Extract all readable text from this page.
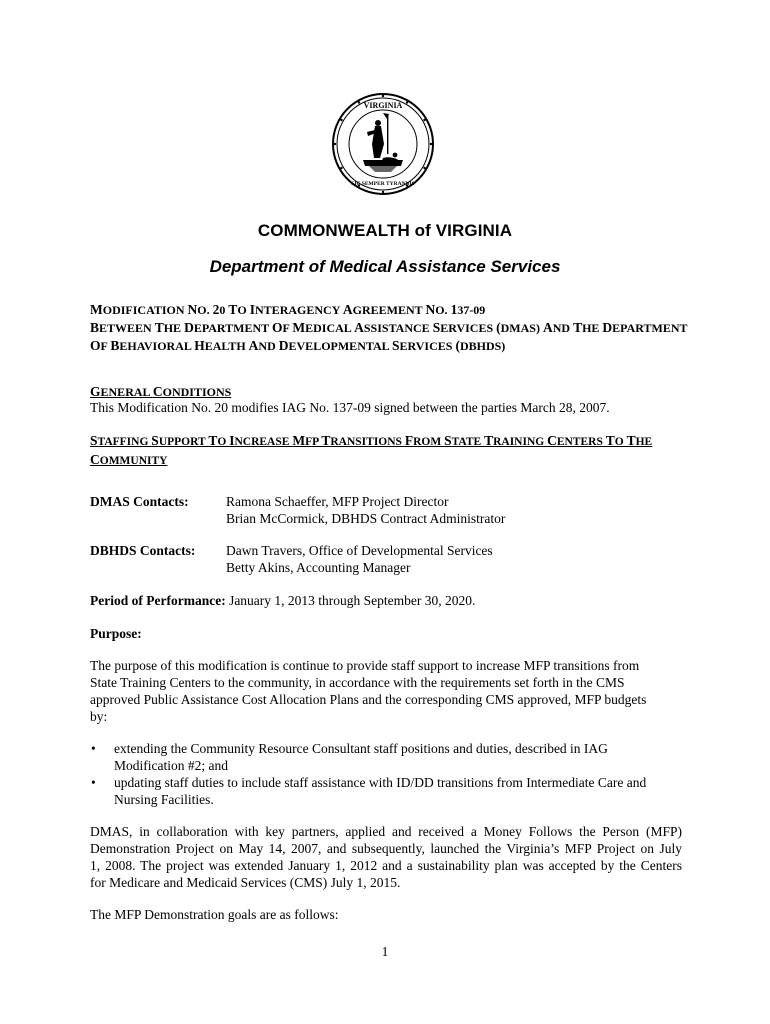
VIRGINIA
SIC SEMPER TYRANNIS
COMMONWEALTH of VIRGINIA
Department of Medical Assistance Services
MODIFICATION NO. 20 TO INTERAGENCY AGREEMENT NO. 137-09
BETWEEN THE DEPARTMENT OF MEDICAL ASSISTANCE SERVICES (DMAS) AND THE DEPARTMENT
OF BEHAVIORAL HEALTH AND DEVELOPMENTAL SERVICES (DBHDS)
GENERAL CONDITIONS
This Modification No. 20 modifies IAG No. 137-09 signed between the parties March 28, 2007.
STAFFING SUPPORT TO INCREASE MFP TRANSITIONS FROM STATE TRAINING CENTERS TO THE
COMMUNITY
DMAS Contacts:	Ramona Schaeffer, MFP Project Director
Brian McCormick, DBHDS Contract Administrator
DBHDS Contacts: Dawn Travers, Office of Developmental Services
Betty Akins, Accounting Manager
Period of Performance: January 1, 2013 through September 30, 2020.
Purpose:
The purpose of this modification is continue to provide staff support to increase MFP transitions from
State Training Centers to the community, in accordance with the requirements set forth in the CMS
approved Public Assistance Cost Allocation Plans and the corresponding CMS approved, MFP budgets
by:
• extending the Community Resource Consultant staff positions and duties, described in IAG
Modification #2; and
• updating staff duties to include staff assistance with ID/DD transitions from Intermediate Care and
Nursing Facilities.
DMAS, in collaboration with key partners, applied and received a Money Follows the Person (MFP)
Demonstration Project on May 14, 2007, and subsequently, launched the Virginia’s MFP Project on July
1, 2008. The project was extended January 1, 2012 and a sustainability plan was accepted by the Centers
for Medicare and Medicaid Services (CMS) July 1, 2015.
The MFP Demonstration goals are as follows:
1
